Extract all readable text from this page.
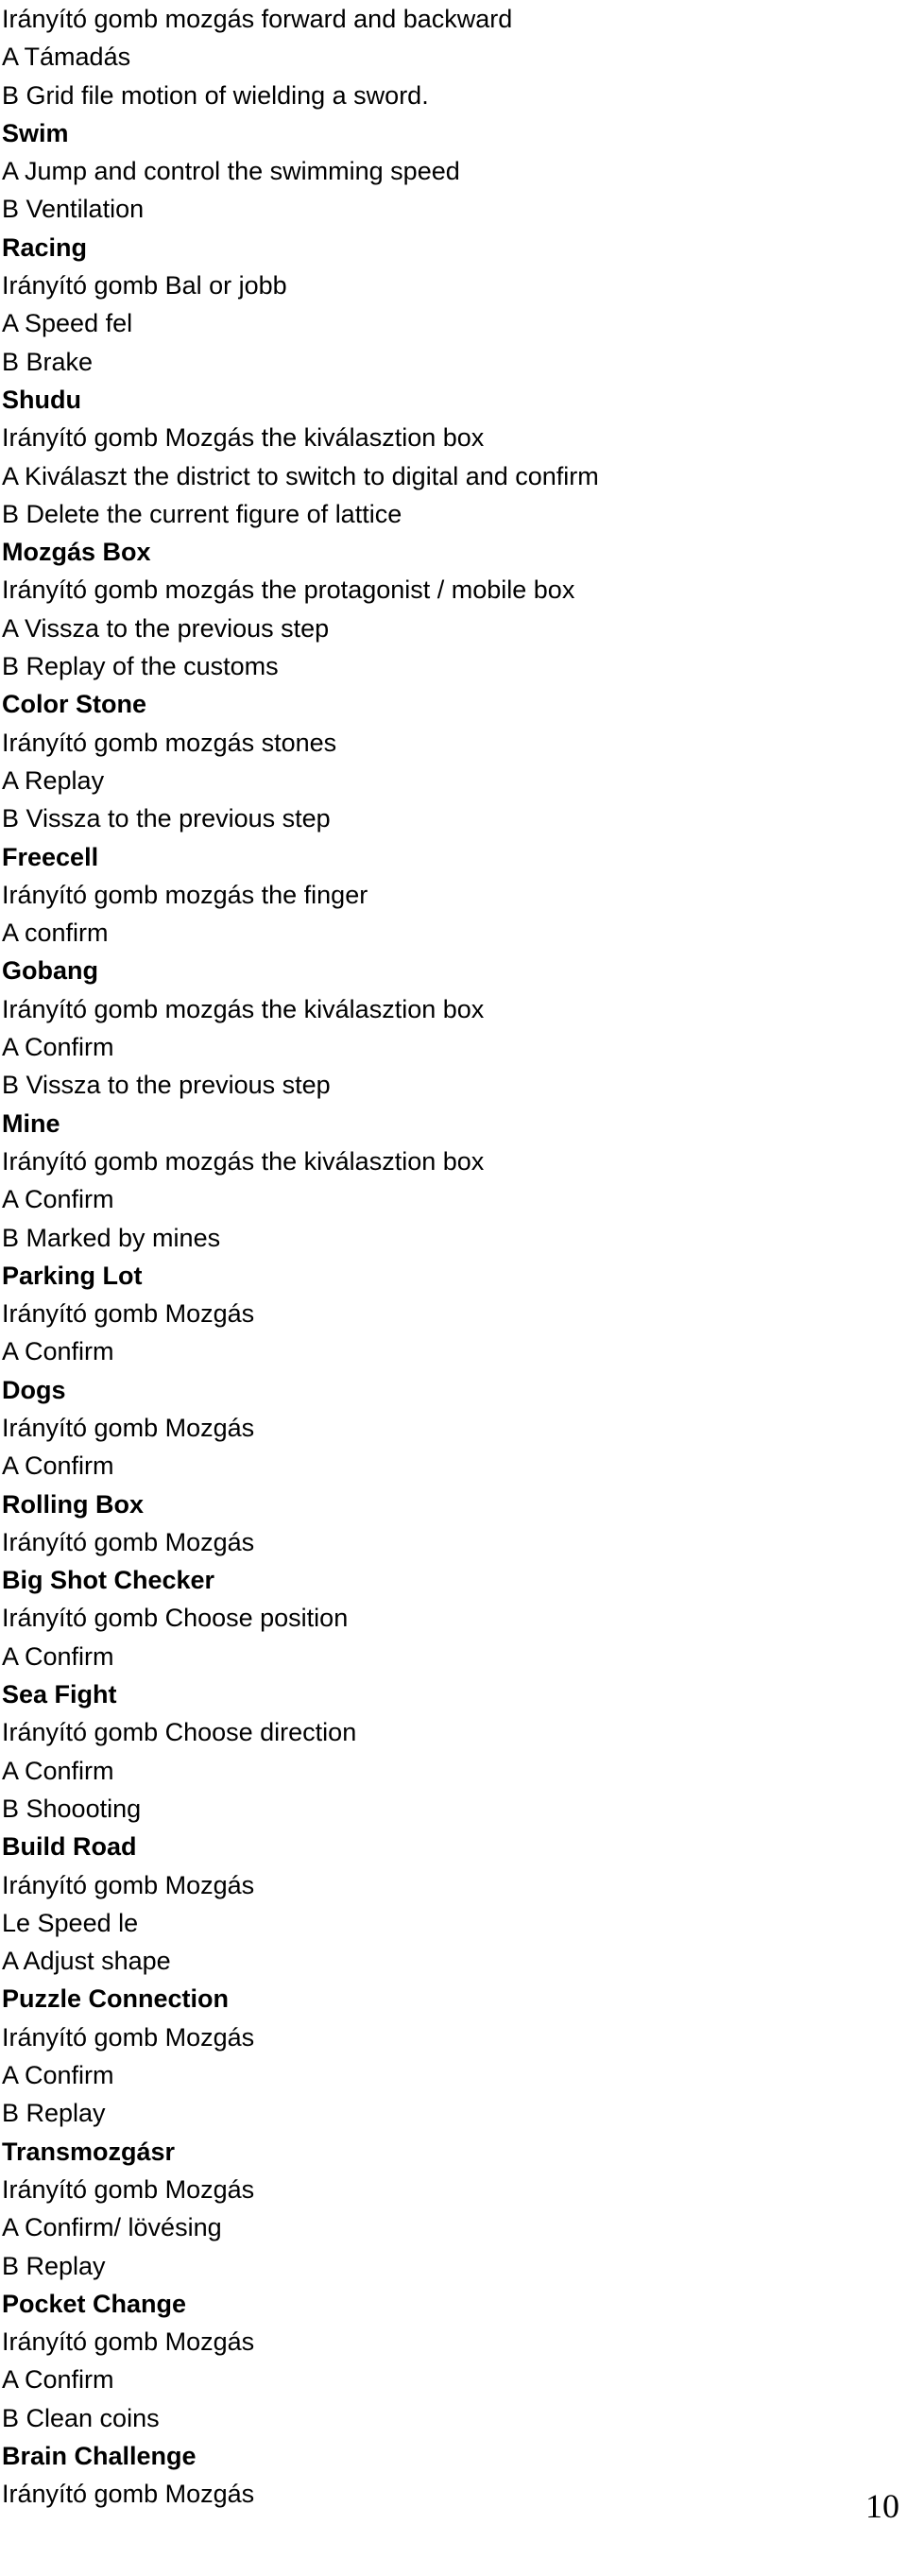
Irányító gomb mozgás forward and backward
A Támadás
B Grid file motion of wielding a sword.
Swim
A Jump and control the swimming speed
B Ventilation
Racing
Irányító gomb Bal or jobb
A Speed fel
B Brake
Shudu
Irányító gomb Mozgás the kiválasztion box
A Kiválaszt the district to switch to digital and confirm
B Delete the current figure of lattice
Mozgás Box
Irányító gomb mozgás the protagonist / mobile box
A Vissza to the previous step
B Replay of the customs
Color Stone
Irányító gomb mozgás stones
A Replay
B Vissza to the previous step
Freecell
Irányító gomb mozgás the finger
A confirm
Gobang
Irányító gomb mozgás the kiválasztion box
A Confirm
B Vissza to the previous step
Mine
Irányító gomb mozgás the kiválasztion box
A Confirm
B Marked by mines
Parking Lot
Irányító gomb Mozgás
A Confirm
Dogs
Irányító gomb Mozgás
A Confirm
Rolling Box
Irányító gomb Mozgás
Big Shot Checker
Irányító gomb Choose position
A Confirm
Sea Fight
Irányító gomb Choose direction
A Confirm
B Shoooting
Build Road
Irányító gomb Mozgás
Le Speed le
A Adjust shape
Puzzle Connection
Irányító gomb Mozgás
A Confirm
B Replay
Transmozgásr
Irányító gomb Mozgás
A Confirm/ lövésing
B Replay
Pocket Change
Irányító gomb Mozgás
A Confirm
B Clean coins
Brain Challenge
Irányító gomb Mozgás	10
